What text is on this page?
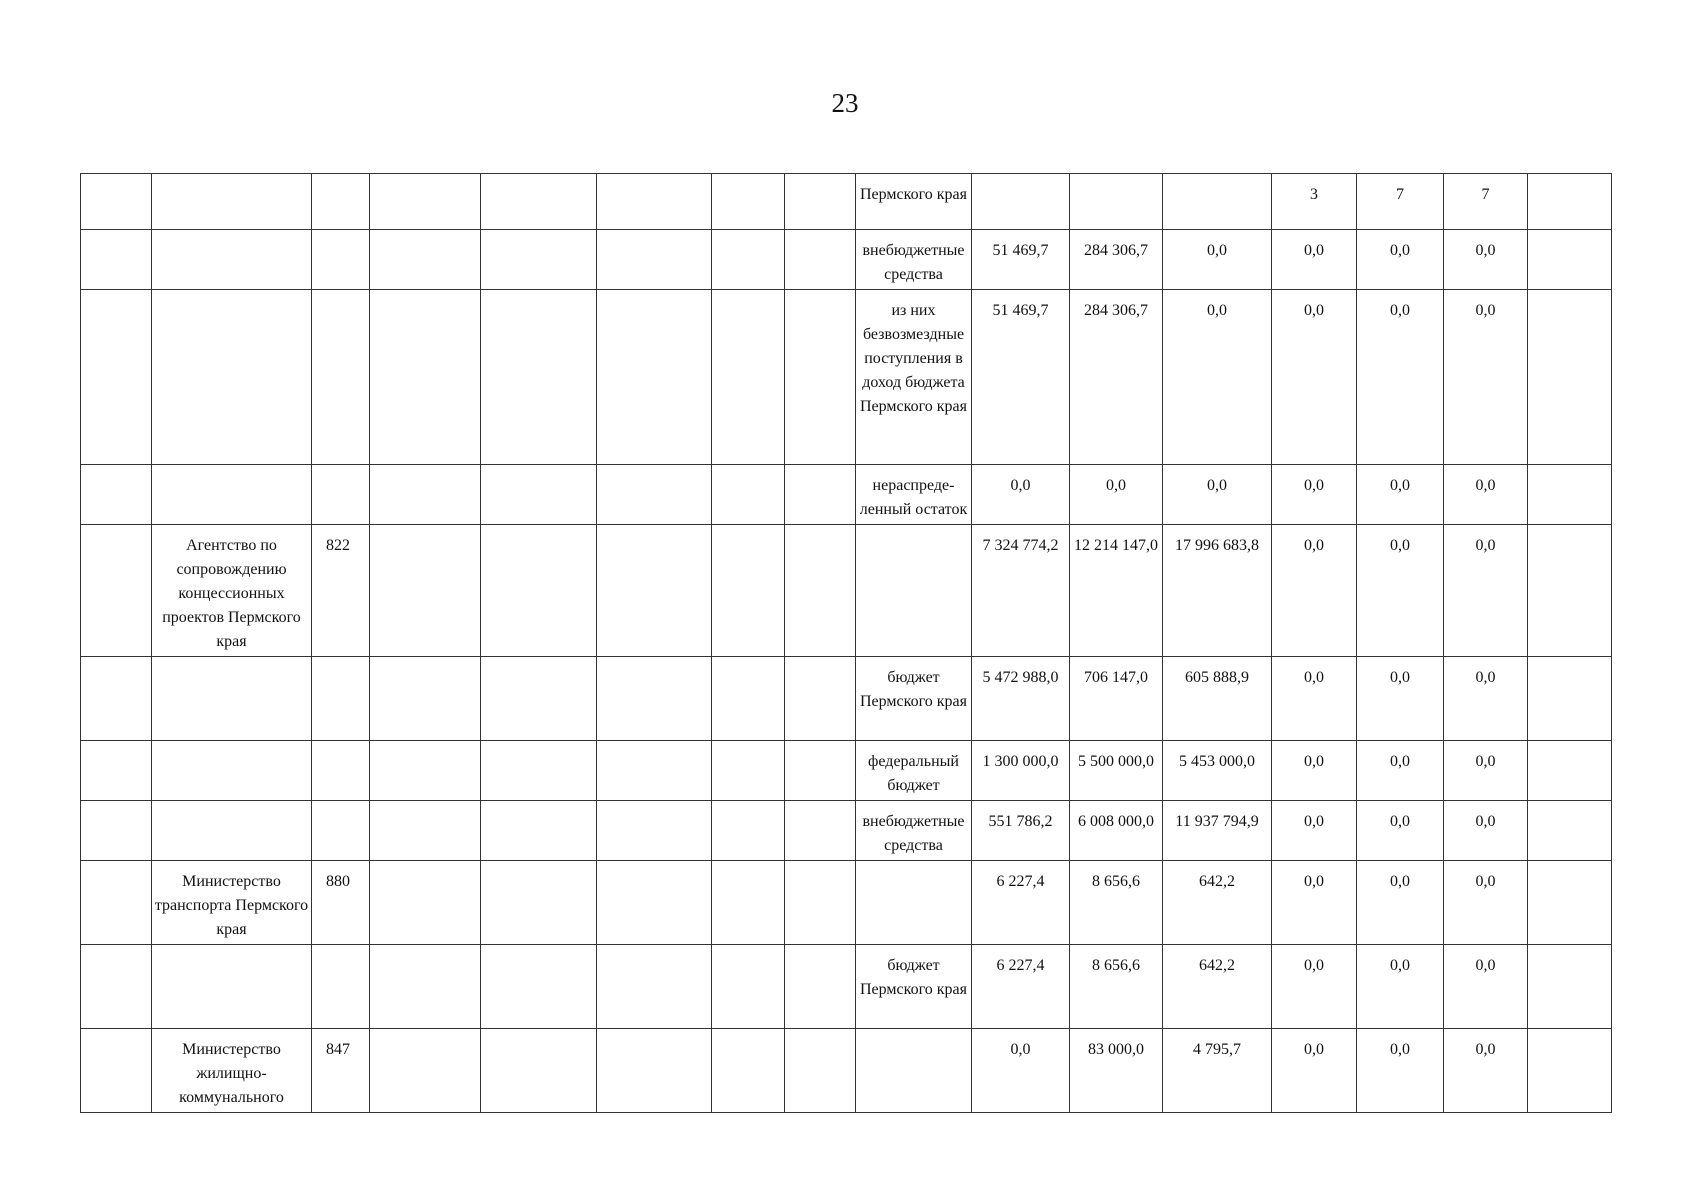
23
								Пермского края				3	7	7	
								внебюджетные средства	51 469,7	284 306,7	0,0	0,0	0,0	0,0	
								из них безвозмездные поступления в доход бюджета Пермского края	51 469,7	284 306,7	0,0	0,0	0,0	0,0	
								нераспреде-ленный остаток	0,0	0,0	0,0	0,0	0,0	0,0	
	Агентство по сопровождению концессионных проектов Пермского края	822							7 324 774,2	12 214 147,0	17 996 683,8	0,0	0,0	0,0	
								бюджет Пермского края	5 472 988,0	706 147,0	605 888,9	0,0	0,0	0,0	
								федеральный бюджет	1 300 000,0	5 500 000,0	5 453 000,0	0,0	0,0	0,0	
								внебюджетные средства	551 786,2	6 008 000,0	11 937 794,9	0,0	0,0	0,0	
	Министерство транспорта Пермского края	880							6 227,4	8 656,6	642,2	0,0	0,0	0,0	
								бюджет Пермского края	6 227,4	8 656,6	642,2	0,0	0,0	0,0	
	Министерство жилищно-коммунального	847							0,0	83 000,0	4 795,7	0,0	0,0	0,0	
